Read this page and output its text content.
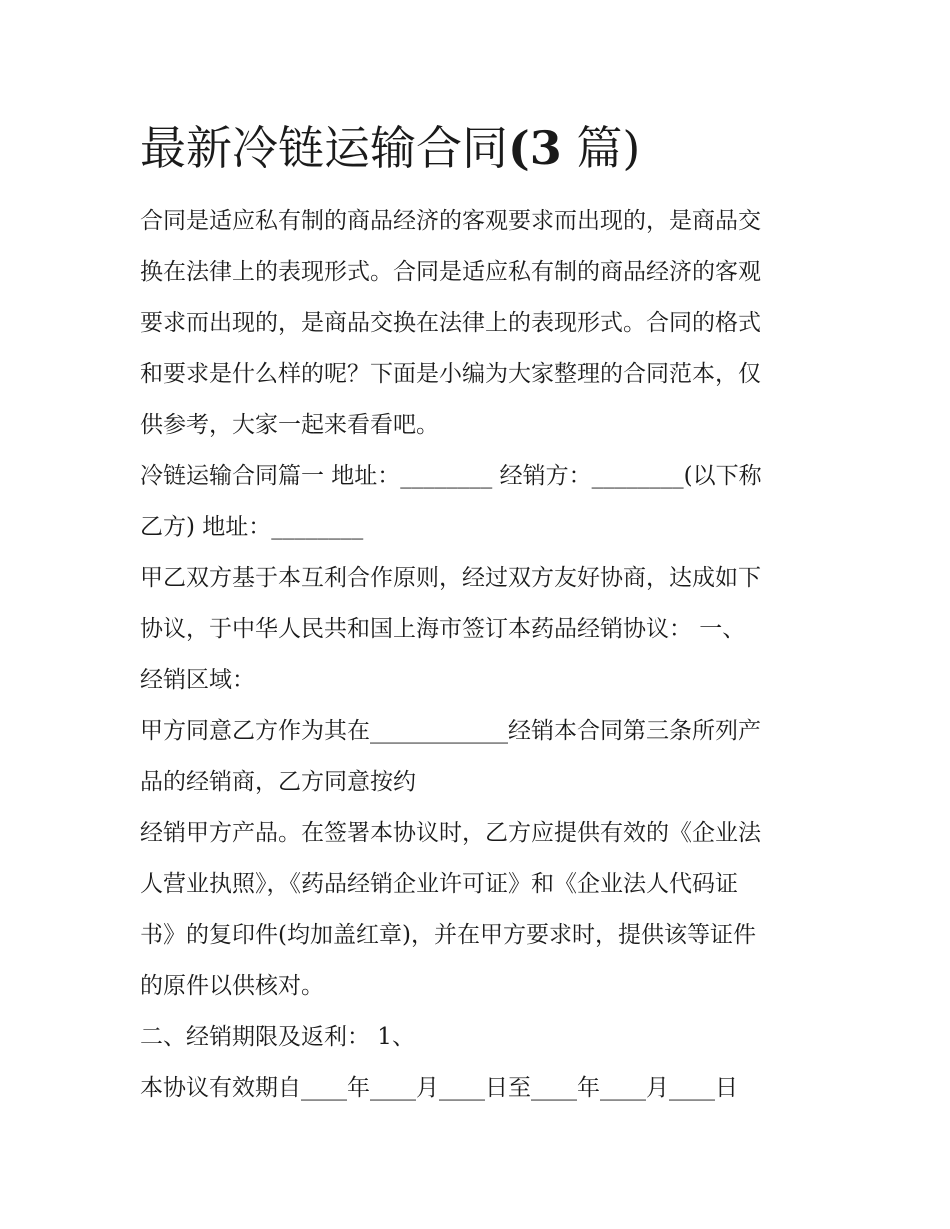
最新冷链运输合同(3 篇)

合同是适应私有制的商品经济的客观要求而出现的，是商品交

换在法律上的表现形式。合同是适应私有制的商品经济的客观

要求而出现的，是商品交换在法律上的表现形式。合同的格式

和要求是什么样的呢？下面是小编为大家整理的合同范本，仅

供参考，大家一起来看看吧。

冷链运输合同篇一 地址：________ 经销方：________(以下称

乙方) 地址：________

甲乙双方基于本互利合作原则，经过双方友好协商，达成如下

协议，于中华人民共和国上海市签订本药品经销协议： 一、

经销区域：

甲方同意乙方作为其在____________经销本合同第三条所列产

品的经销商，乙方同意按约

经销甲方产品。在签署本协议时，乙方应提供有效的《企业法

人营业执照》，《药品经销企业许可证》和《企业法人代码证

书》的复印件(均加盖红章)，并在甲方要求时，提供该等证件

的原件以供核对。

二、经销期限及返利： 1、

本协议有效期自____年____月____日至____年____月____日
